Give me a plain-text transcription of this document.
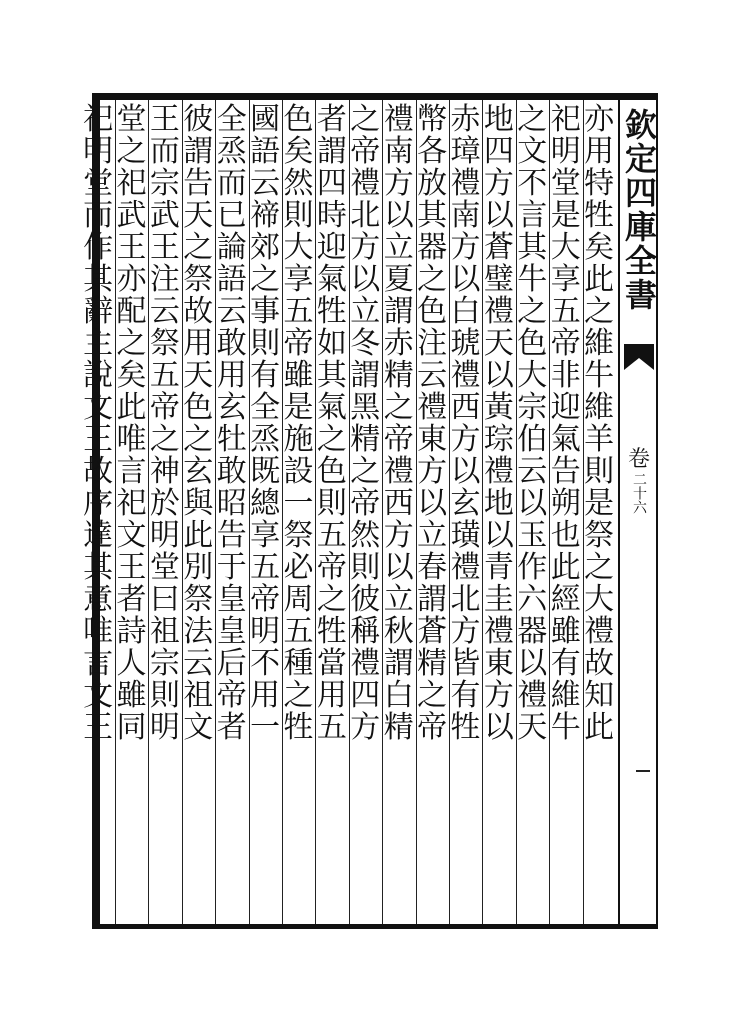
欽定四庫全書
卷
二十六
亦
用
特
牲
矣
此
之
維
牛
維
羊
則
是
祭
之
大
禮
故
知
此
祀
明
堂
是
大
享
五
帝
非
迎
氣
告
朔
也
此
經
雖
有
維
牛
之
文
不
言
其
牛
之
色
大
宗
伯
云
以
玉
作
六
器
以
禮
天
地
四
方
以
蒼
璧
禮
天
以
黃
琮
禮
地
以
青
圭
禮
東
方
以
赤
璋
禮
南
方
以
白
琥
禮
西
方
以
玄
璜
禮
北
方
皆
有
牲
幣
各
放
其
器
之
色
注
云
禮
東
方
以
立
春
謂
蒼
精
之
帝
禮
南
方
以
立
夏
謂
赤
精
之
帝
禮
西
方
以
立
秋
謂
白
精
之
帝
禮
北
方
以
立
冬
謂
黑
精
之
帝
然
則
彼
稱
禮
四
方
者
謂
四
時
迎
氣
牲
如
其
氣
之
色
則
五
帝
之
牲
當
用
五
色
矣
然
則
大
享
五
帝
雖
是
施
設
一
祭
必
周
五
種
之
牲
國
語
云
禘
郊
之
事
則
有
全
烝
既
總
享
五
帝
明
不
用
一
全
烝
而
已
論
語
云
敢
用
玄
牡
敢
昭
告
于
皇
皇
后
帝
者
彼
謂
告
天
之
祭
故
用
天
色
之
玄
與
此
別
祭
法
云
祖
文
王
而
宗
武
王
注
云
祭
五
帝
之
神
於
明
堂
曰
祖
宗
則
明
堂
之
祀
武
王
亦
配
之
矣
此
唯
言
祀
文
王
者
詩
人
雖
同
祀
明
堂
而
作
其
辭
主
說
文
王
故
序
達
其
意
唯
言
文
王
